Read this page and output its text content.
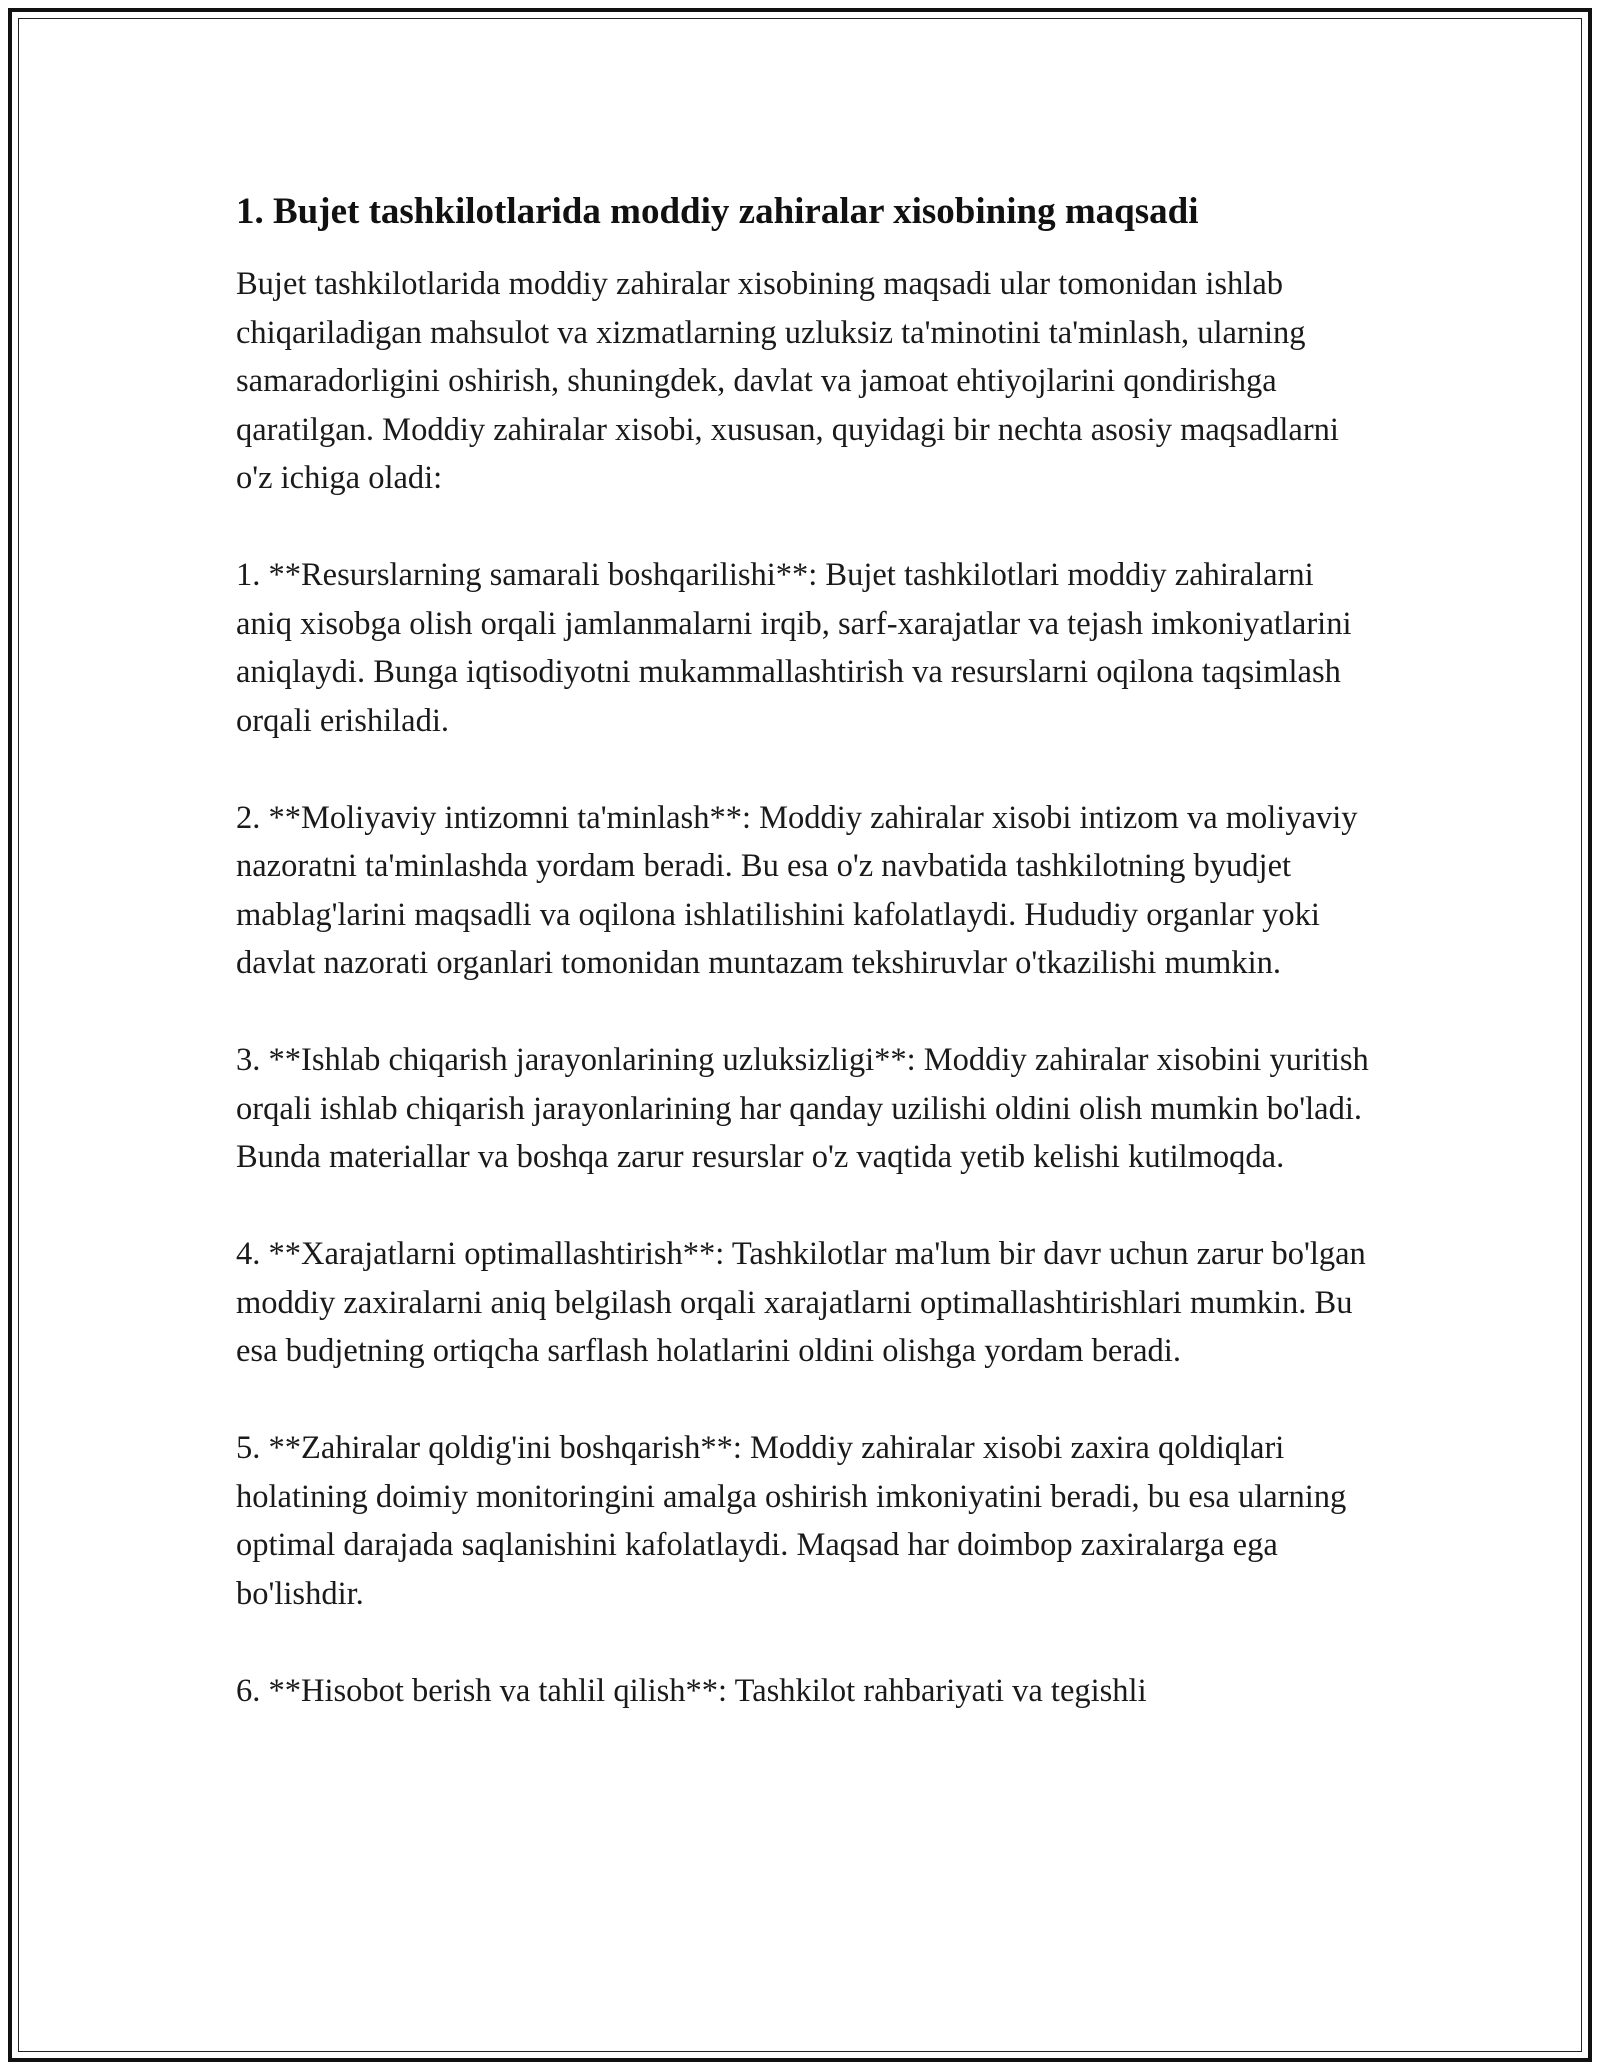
1. Bujet tashkilotlarida moddiy zahiralar xisobining maqsadi

Bujet tashkilotlarida moddiy zahiralar xisobining maqsadi ular tomonidan ishlab chiqariladigan mahsulot va xizmatlarning uzluksiz ta'minotini ta'minlash, ularning samaradorligini oshirish, shuningdek, davlat va jamoat ehtiyojlarini qondirishga qaratilgan. Moddiy zahiralar xisobi, xususan, quyidagi bir nechta asosiy maqsadlarni o'z ichiga oladi:

1. **Resurslarning samarali boshqarilishi**: Bujet tashkilotlari moddiy zahiralarni aniq xisobga olish orqali jamlanmalarni irqib, sarf-xarajatlar va tejash imkoniyatlarini aniqlaydi. Bunga iqtisodiyotni mukammallashtirish va resurslarni oqilona taqsimlash orqali erishiladi.

2. **Moliyaviy intizomni ta'minlash**: Moddiy zahiralar xisobi intizom va moliyaviy nazoratni ta'minlashda yordam beradi. Bu esa o'z navbatida tashkilotning byudjet mablag'larini maqsadli va oqilona ishlatilishini kafolatlaydi. Hududiy organlar yoki davlat nazorati organlari tomonidan muntazam tekshiruvlar o'tkazilishi mumkin.

3. **Ishlab chiqarish jarayonlarining uzluksizligi**: Moddiy zahiralar xisobini yuritish orqali ishlab chiqarish jarayonlarining har qanday uzilishi oldini olish mumkin bo'ladi. Bunda materiallar va boshqa zarur resurslar o'z vaqtida yetib kelishi kutilmoqda.

4. **Xarajatlarni optimallashtirish**: Tashkilotlar ma'lum bir davr uchun zarur bo'lgan moddiy zaxiralarni aniq belgilash orqali xarajatlarni optimallashtirishlari mumkin. Bu esa budjetning ortiqcha sarflash holatlarini oldini olishga yordam beradi.

5. **Zahiralar qoldig'ini boshqarish**: Moddiy zahiralar xisobi zaxira qoldiqlari holatining doimiy monitoringini amalga oshirish imkoniyatini beradi, bu esa ularning optimal darajada saqlanishini kafolatlaydi. Maqsad har doimbop zaxiralarga ega bo'lishdir.

6. **Hisobot berish va tahlil qilish**: Tashkilot rahbariyati va tegishli
